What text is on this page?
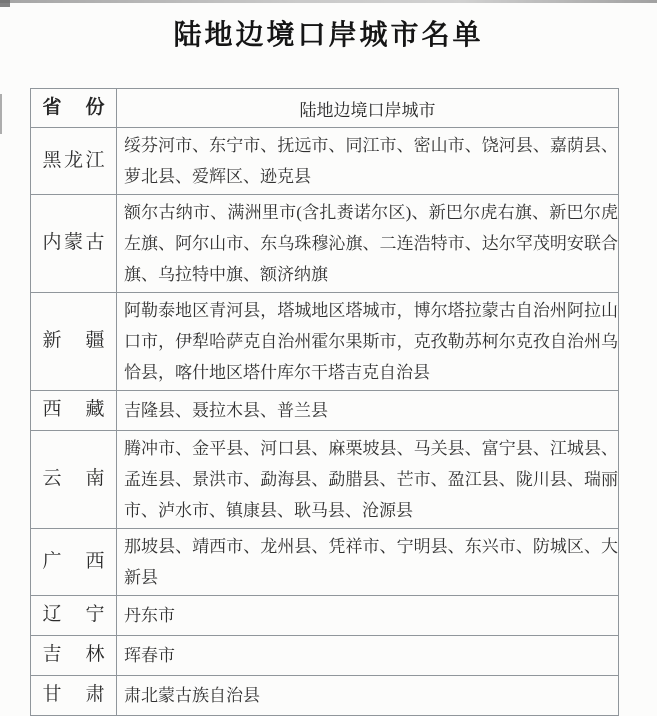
陆地边境口岸城市名单
省份	陆地边境口岸城市
黑龙江	绥芬河市、东宁市、抚远市、同江市、密山市、饶河县、嘉荫县、萝北县、爱辉区、逊克县
内蒙古	额尔古纳市、满洲里市(含扎赉诺尔区)、新巴尔虎右旗、新巴尔虎左旗、阿尔山市、东乌珠穆沁旗、二连浩特市、达尔罕茂明安联合旗、乌拉特中旗、额济纳旗
新疆	阿勒泰地区青河县，塔城地区塔城市，博尔塔拉蒙古自治州阿拉山口市，伊犁哈萨克自治州霍尔果斯市，克孜勒苏柯尔克孜自治州乌恰县，喀什地区塔什库尔干塔吉克自治县
西藏	吉隆县、聂拉木县、普兰县
云南	腾冲市、金平县、河口县、麻栗坡县、马关县、富宁县、江城县、孟连县、景洪市、勐海县、勐腊县、芒市、盈江县、陇川县、瑞丽市、泸水市、镇康县、耿马县、沧源县
广西	那坡县、靖西市、龙州县、凭祥市、宁明县、东兴市、防城区、大新县
辽宁	丹东市
吉林	珲春市
甘肃	肃北蒙古族自治县
